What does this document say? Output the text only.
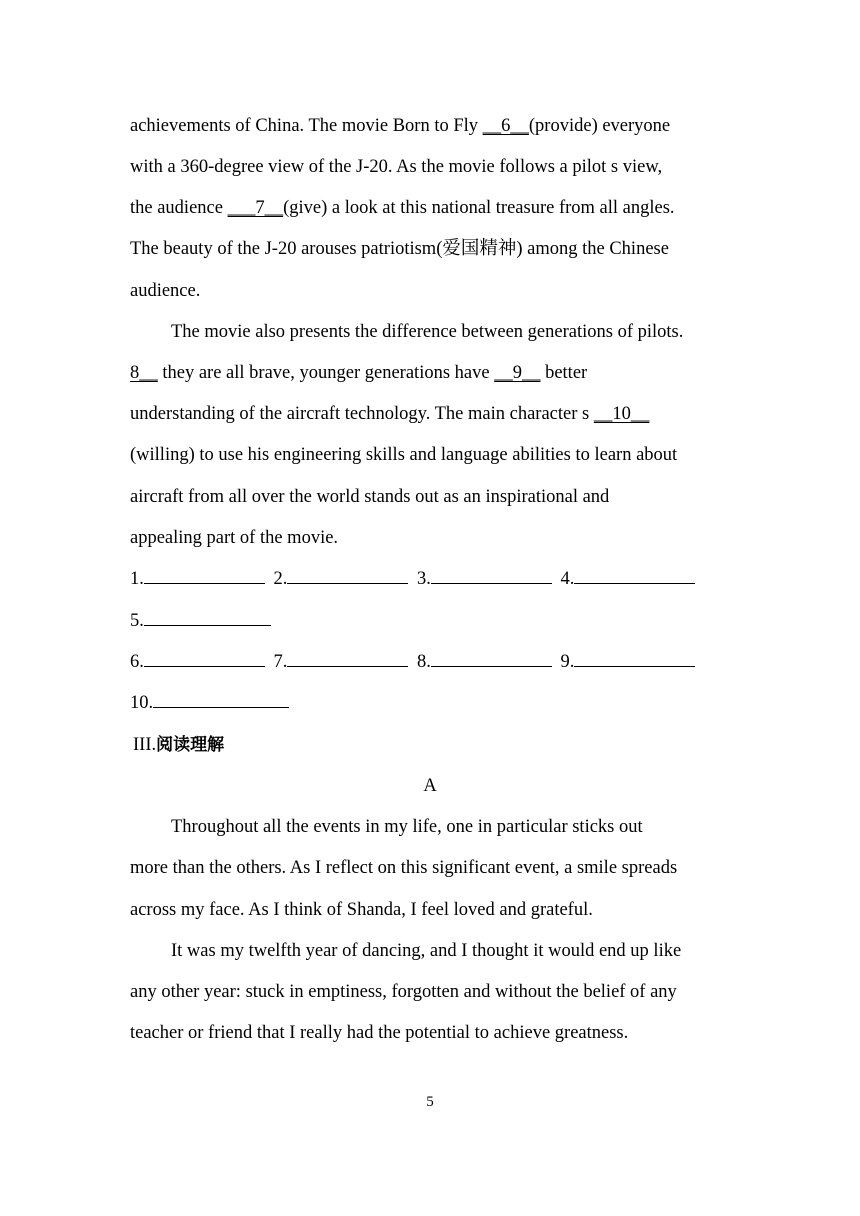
achievements of China. The movie Born to Fly __6__(provide) everyone
with a 360-degree view of the J-20. As the movie follows a pilot s view,
the audience ___7__(give) a look at this national treasure from all angles.
The beauty of the J-20 arouses patriotism(爱国精神) among the Chinese
audience.
The movie also presents the difference between generations of pilots.
8__ they are all brave, younger generations have __9__ better
understanding of the aircraft technology. The main character s __10__
(willing) to use his engineering skills and language abilities to learn about
aircraft from all over the world stands out as an inspirational and
appealing part of the movie.
1.	2.	3.	4.
5.
6.	7.	8.	9.
10.
III.阅读理解
A
Throughout all the events in my life, one in particular sticks out
more than the others. As I reflect on this significant event, a smile spreads
across my face. As I think of Shanda, I feel loved and grateful.
It was my twelfth year of dancing, and I thought it would end up like
any other year: stuck in emptiness, forgotten and without the belief of any
teacher or friend that I really had the potential to achieve greatness.
5
